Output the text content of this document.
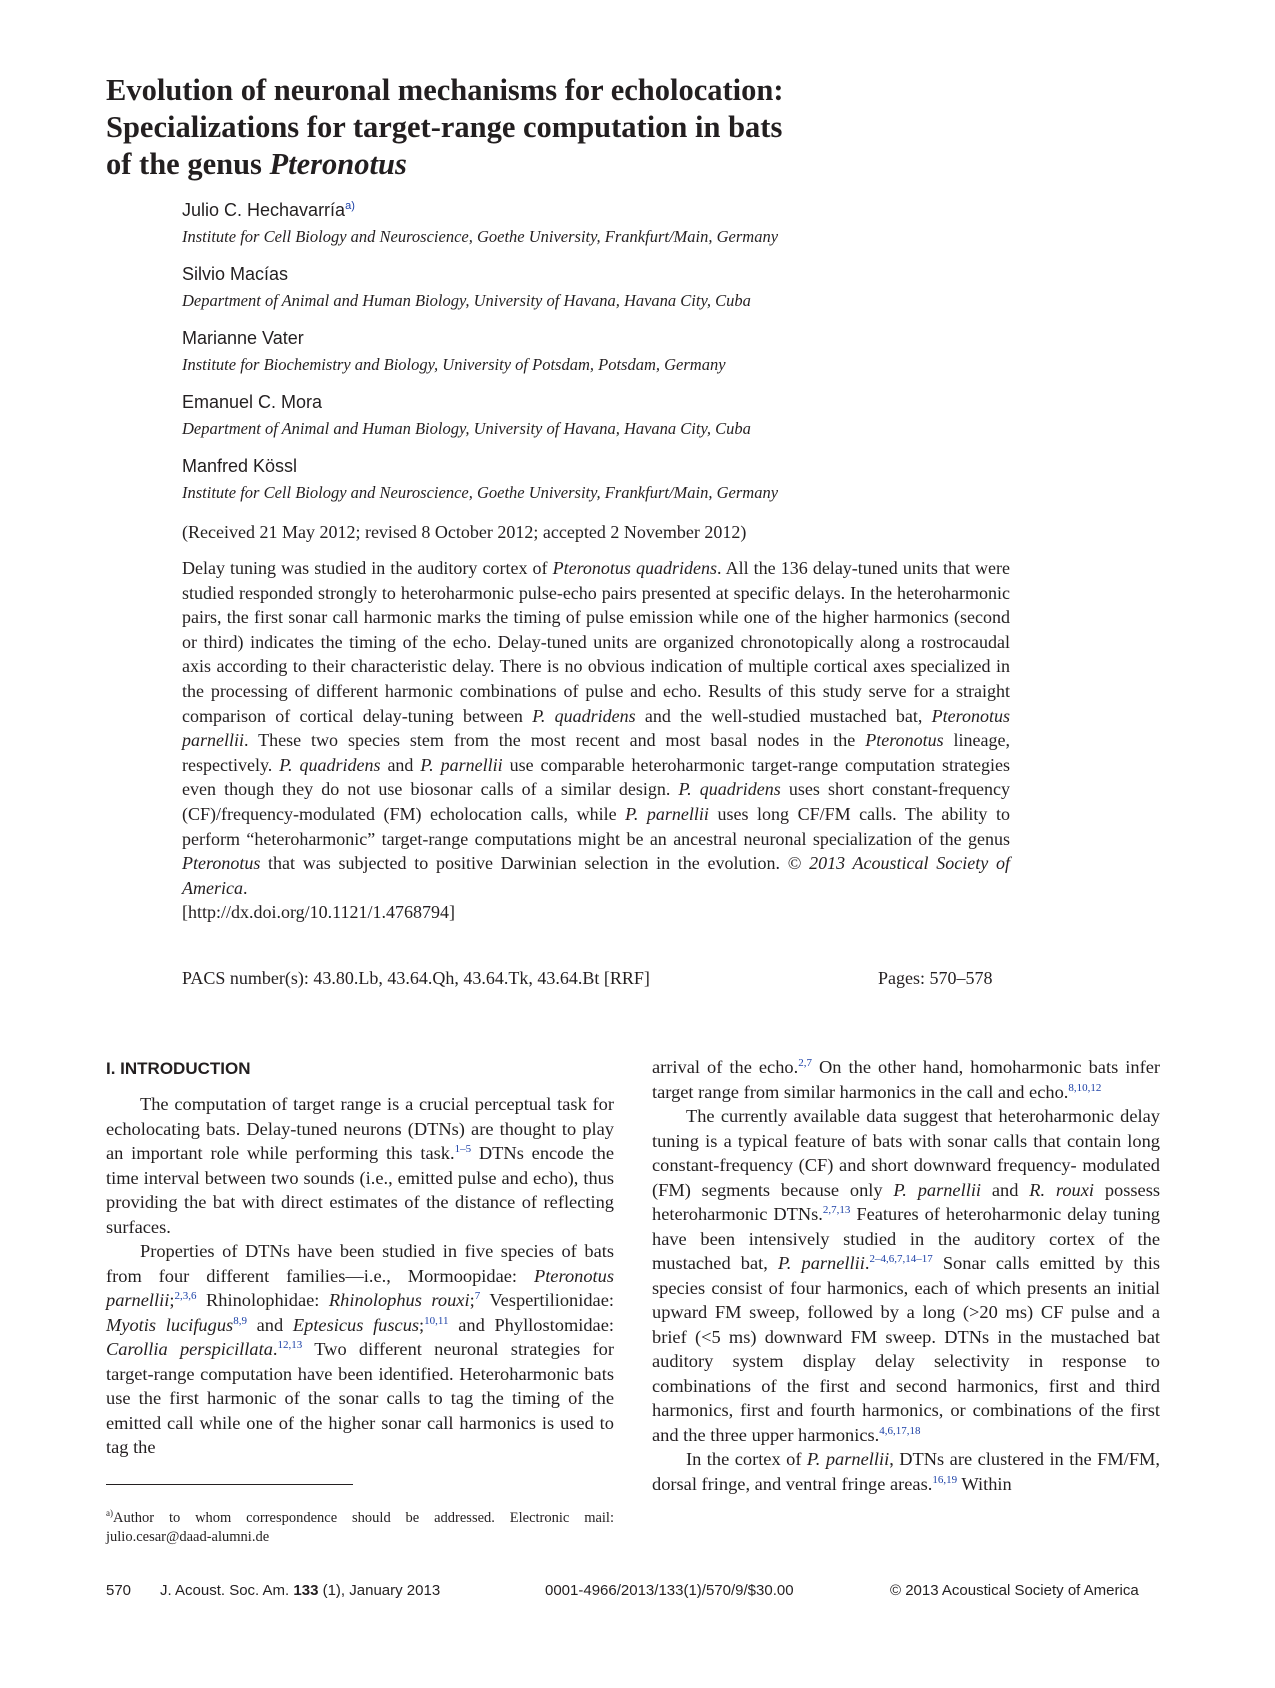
Evolution of neuronal mechanisms for echolocation:
Specializations for target-range computation in bats
of the genus Pteronotus
Julio C. Hechavarría$^{a)}$
Institute for Cell Biology and Neuroscience, Goethe University, Frankfurt/Main, Germany
Silvio Macías
Department of Animal and Human Biology, University of Havana, Havana City, Cuba
Marianne Vater
Institute for Biochemistry and Biology, University of Potsdam, Potsdam, Germany
Emanuel C. Mora
Department of Animal and Human Biology, University of Havana, Havana City, Cuba
Manfred Kössl
Institute for Cell Biology and Neuroscience, Goethe University, Frankfurt/Main, Germany
(Received 21 May 2012; revised 8 October 2012; accepted 2 November 2012)

Delay tuning was studied in the auditory cortex of Pteronotus quadridens. All the 136 delay-tuned units that were studied responded strongly to heteroharmonic pulse-echo pairs presented at specific delays. In the heteroharmonic pairs, the first sonar call harmonic marks the timing of pulse emission while one of the higher harmonics (second or third) indicates the timing of the echo. Delay-tuned units are organized chronotopically along a rostrocaudal axis according to their characteristic delay. There is no obvious indication of multiple cortical axes specialized in the processing of different harmonic combinations of pulse and echo. Results of this study serve for a straight comparison of cortical delay-tuning between P. quadridens and the well-studied mustached bat, Pteronotus parnellii. These two species stem from the most recent and most basal nodes in the Pteronotus lineage, respectively. P. quadridens and P. parnellii use comparable heteroharmonic target-range computation strategies even though they do not use biosonar calls of a similar design. P. quadridens uses short constant-frequency (CF)/frequency-modulated (FM) echolocation calls, while P. parnellii uses long CF/FM calls. The ability to perform “heteroharmonic” target-range computations might be an ancestral neuronal specialization of the genus Pteronotus that was subjected to positive Darwinian selection in the evolution. © 2013 Acoustical Society of America.
[http://dx.doi.org/10.1121/1.4768794]

PACS number(s): 43.80.Lb, 43.64.Qh, 43.64.Tk, 43.64.Bt [RRF]	Pages: 570–578
I. INTRODUCTION

The computation of target range is a crucial perceptual task for echolocating bats. Delay-tuned neurons (DTNs) are thought to play an important role while performing this task.$^{1-5}$ DTNs encode the time interval between two sounds (i.e., emitted pulse and echo), thus providing the bat with direct estimates of the distance of reflecting surfaces.

Properties of DTNs have been studied in five species of bats from four different families—i.e., Mormoopidae: Pteronotus parnellii;$^{2,3,6}$ Rhinolophidae: Rhinolophus rouxi;$^7$ Vespertilionidae: Myotis lucifugus$^{8,9}$ and Eptesicus fuscus;$^{10,11}$ and Phyllostomidae: Carollia perspicillata.$^{12,13}$ Two different neuronal strategies for target-range computation have been identified. Heteroharmonic bats use the first harmonic of the sonar calls to tag the timing of the emitted call while one of the higher sonar call harmonics is used to tag the

$^{a)}$Author to whom correspondence should be addressed. Electronic mail: julio.cesar@daad-alumni.de

arrival of the echo.$^{2,7}$ On the other hand, homoharmonic bats infer target range from similar harmonics in the call and echo.$^{8,10,12}$

The currently available data suggest that heteroharmonic delay tuning is a typical feature of bats with sonar calls that contain long constant-frequency (CF) and short downward frequency- modulated (FM) segments because only P. parnellii and R. rouxi possess heteroharmonic DTNs.$^{2,7,13}$ Features of heteroharmonic delay tuning have been intensively studied in the auditory cortex of the mustached bat, P. parnellii.$^{2-4,6,7,14-17}$ Sonar calls emitted by this species consist of four harmonics, each of which presents an initial upward FM sweep, followed by a long (>20 ms) CF pulse and a brief (<5 ms) downward FM sweep. DTNs in the mustached bat auditory system display delay selectivity in response to combinations of the first and second harmonics, first and third harmonics, first and fourth harmonics, or combinations of the first and the three upper harmonics.$^{4,6,17,18}$

In the cortex of P. parnellii, DTNs are clustered in the FM/FM, dorsal fringe, and ventral fringe areas.$^{16,19}$ Within

570 J. Acoust. Soc. Am. 133 (1), January 2013	0001-4966/2013/133(1)/570/9/$30.00	© 2013 Acoustical Society of America
